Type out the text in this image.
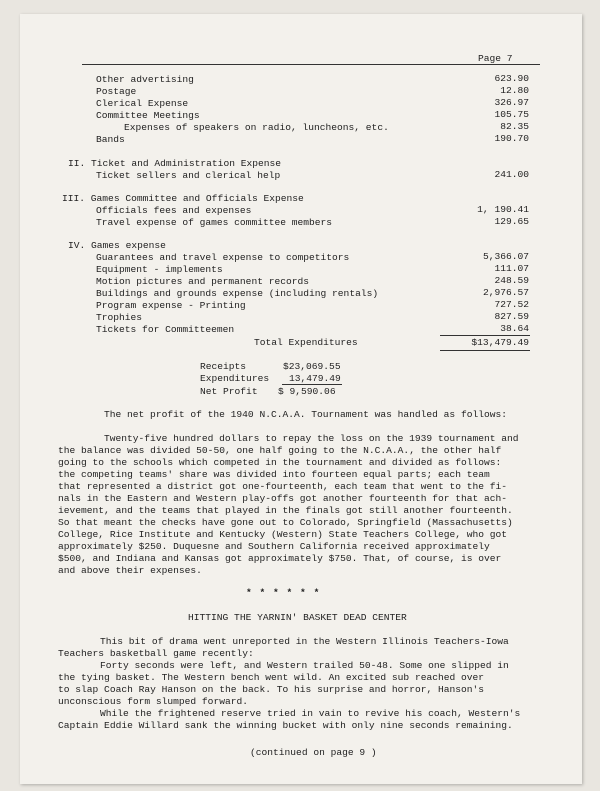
Page 7
Other advertising	623.90
Postage	12.80
Clerical Expense	326.97
Committee Meetings	105.75
Expenses of speakers on radio, luncheons, etc.	82.35
Bands	190.70
II. Ticket and Administration Expense
Ticket sellers and clerical help	241.00
III. Games Committee and Officials Expense
Officials fees and expenses	1, 190.41
Travel expense of games committee members	129.65
IV. Games expense
Guarantees and travel expense to competitors	5,366.07
Equipment - implements	111.07
Motion pictures and permanent records	248.59
Buildings and grounds expense (including rentals)	2,976.57
Program expense - Printing	727.52
Trophies	827.59
Tickets for Committeemen	38.64
Total Expenditures	$13,479.49
Receipts	$23,069.55
Expenditures 13,479.49
Net Profit $ 9,590.06
The net profit of the 1940 N.C.A.A. Tournament was handled as follows:
Twenty-five hundred dollars to repay the loss on the 1939 tournament and
the balance was divided 50-50, one half going to the N.C.A.A., the other half
going to the schools which competed in the tournament and divided as follows:
the competing teams' share was divided into fourteen equal parts; each team
that represented a district got one-fourteenth, each team that went to the fi-
nals in the Eastern and Western play-offs got another fourteenth for that ach-
ievement, and the teams that played in the finals got still another fourteenth.
So that meant the checks have gone out to Colorado, Springfield (Massachusetts)
College, Rice Institute and Kentucky (Western) State Teachers College, who got
approximately $250. Duquesne and Southern California received approximately
$500, and Indiana and Kansas got approximately $750. That, of course, is over
and above their expenses.
* * * * * *
HITTING THE YARNIN' BASKET DEAD CENTER
This bit of drama went unreported in the Western Illinois Teachers-Iowa
Teachers basketball game recently:
Forty seconds were left, and Western trailed 50-48. Some one slipped in
the tying basket. The Western bench went wild. An excited sub reached over
to slap Coach Ray Hanson on the back. To his surprise and horror, Hanson's
unconscious form slumped forward.
While the frightened reserve tried in vain to revive his coach, Western's
Captain Eddie Willard sank the winning bucket with only nine seconds remaining.
(continued on page 9 )
